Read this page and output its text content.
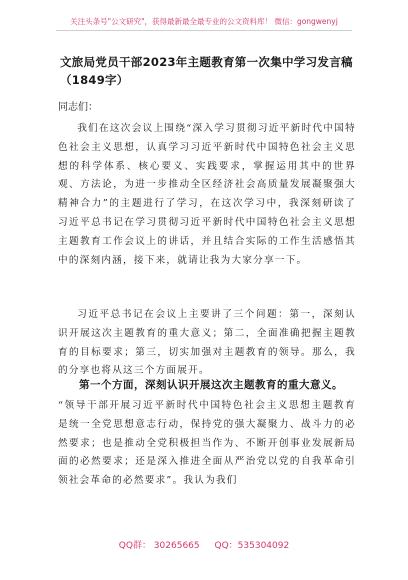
关注头条号"公文研究"，获得最新最全最专业的公文资料库！ 微信：gongwenyj
文旅局党员干部2023年主题教育第一次集中学习发言稿（1849字）
同志们：

我们在这次会议上围绕“深入学习贯彻习近平新时代中国特色社会主义思想，认真学习习近平新时代中国特色社会主义思想的科学体系、核心要义、实践要求，掌握运用其中的世界观、方法论，为进一步推动全区经济社会高质量发展凝聚强大精神合力”的主题进行了学习，在这次学习中，我深刻研读了习近平总书记在学习贯彻习近平新时代中国特色社会主义思想主题教育工作会议上的讲话，并且结合实际的工作生活感悟其中的深刻内涵，接下来，就请让我为大家分享一下。

习近平总书记在会议上主要讲了三个问题：第一，深刻认识开展这次主题教育的重大意义；第二，全面准确把握主题教育的目标要求；第三，切实加强对主题教育的领导。那么，我的分享也将从这三个方面展开。

第一个方面，深刻认识开展这次主题教育的重大意义。

“领导干部开展习近平新时代中国特色社会主义思想主题教育是统一全党思想意志行动，保持党的强大凝聚力、战斗力的必然要求；也是推动全党积极担当作为、不断开创事业发展新局面的必然要求；还是深入推进全面从严治党以党的自我革命引领社会革命的必然要求”。我认为我们

QQ群： 30265665 QQ：535304092
